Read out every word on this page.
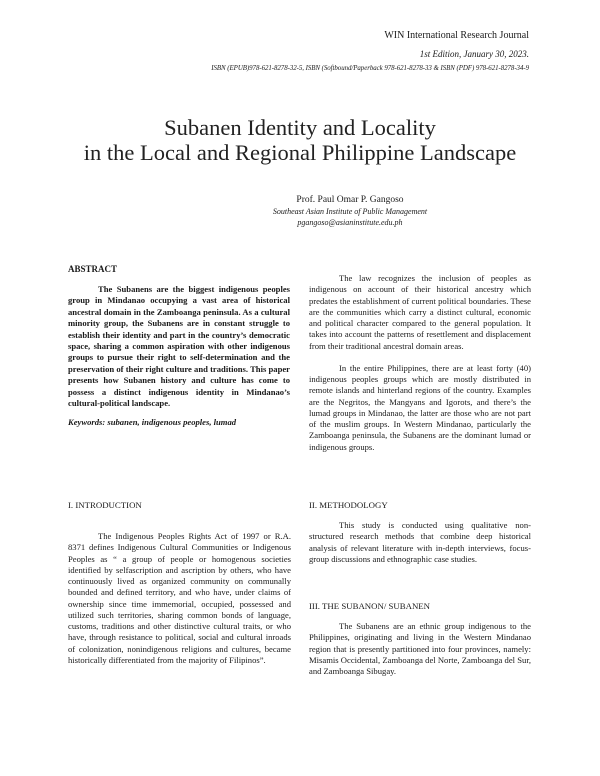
WIN International Research Journal
1st Edition, January 30, 2023.
ISBN (EPUB)978-621-8278-32-5, ISBN (Softbound/Paperback 978-621-8278-33 & ISBN (PDF) 978-621-8278-34-9
Subanen Identity and Locality
in the Local and Regional Philippine Landscape
Prof. Paul Omar P. Gangoso
Southeast Asian Institute of Public Management
pgangoso@asianinstitute.edu.ph
ABSTRACT

The Subanens are the biggest indigenous peoples group in Mindanao occupying a vast area of historical ancestral domain in the Zamboanga peninsula. As a cultural minority group, the Subanens are in constant struggle to establish their identity and part in the country’s democratic space, sharing a common aspiration with other indigenous groups to pursue their right to self-determination and the preservation of their right culture and traditions. This paper presents how Subanen history and culture has come to possess a distinct indigenous identity in Mindanao’s cultural-political landscape.

Keywords: subanen, indigenous peoples, lumad
I. INTRODUCTION

The Indigenous Peoples Rights Act of 1997 or R.A. 8371 defines Indigenous Cultural Communities or Indigenous Peoples as “ a group of people or homogenous societies identified by selfascription and ascription by others, who have continuously lived as organized community on communally bounded and defined territory, and who have, under claims of ownership since time immemorial, occupied, possessed and utilized such territories, sharing common bonds of language, customs, traditions and other distinctive cultural traits, or who have, through resistance to political, social and cultural inroads of colonization, nonindigenous religions and cultures, became historically differentiated from the majority of Filipinos”.

The law recognizes the inclusion of peoples as indigenous on account of their historical ancestry which predates the establishment of current political boundaries. These are the communities which carry a distinct cultural, economic and political character compared to the general population. It takes into account the patterns of resettlement and displacement from their traditional ancestral domain areas.

In the entire Philippines, there are at least forty (40) indigenous peoples groups which are mostly distributed in remote islands and hinterland regions of the country. Examples are the Negritos, the Mangyans and Igorots, and there’s the lumad groups in Mindanao, the latter are those who are not part of the muslim groups. In Western Mindanao, particularly the Zamboanga peninsula, the Subanens are the dominant lumad or indigenous groups.

II. METHODOLOGY

This study is conducted using qualitative non-structured research methods that combine deep historical analysis of relevant literature with in-depth interviews, focus-group discussions and ethnographic case studies.

III. THE SUBANON/ SUBANEN

The Subanens are an ethnic group indigenous to the Philippines, originating and living in the Western Mindanao region that is presently partitioned into four provinces, namely: Misamis Occidental, Zamboanga del Norte, Zamboanga del Sur, and Zamboanga Sibugay.
